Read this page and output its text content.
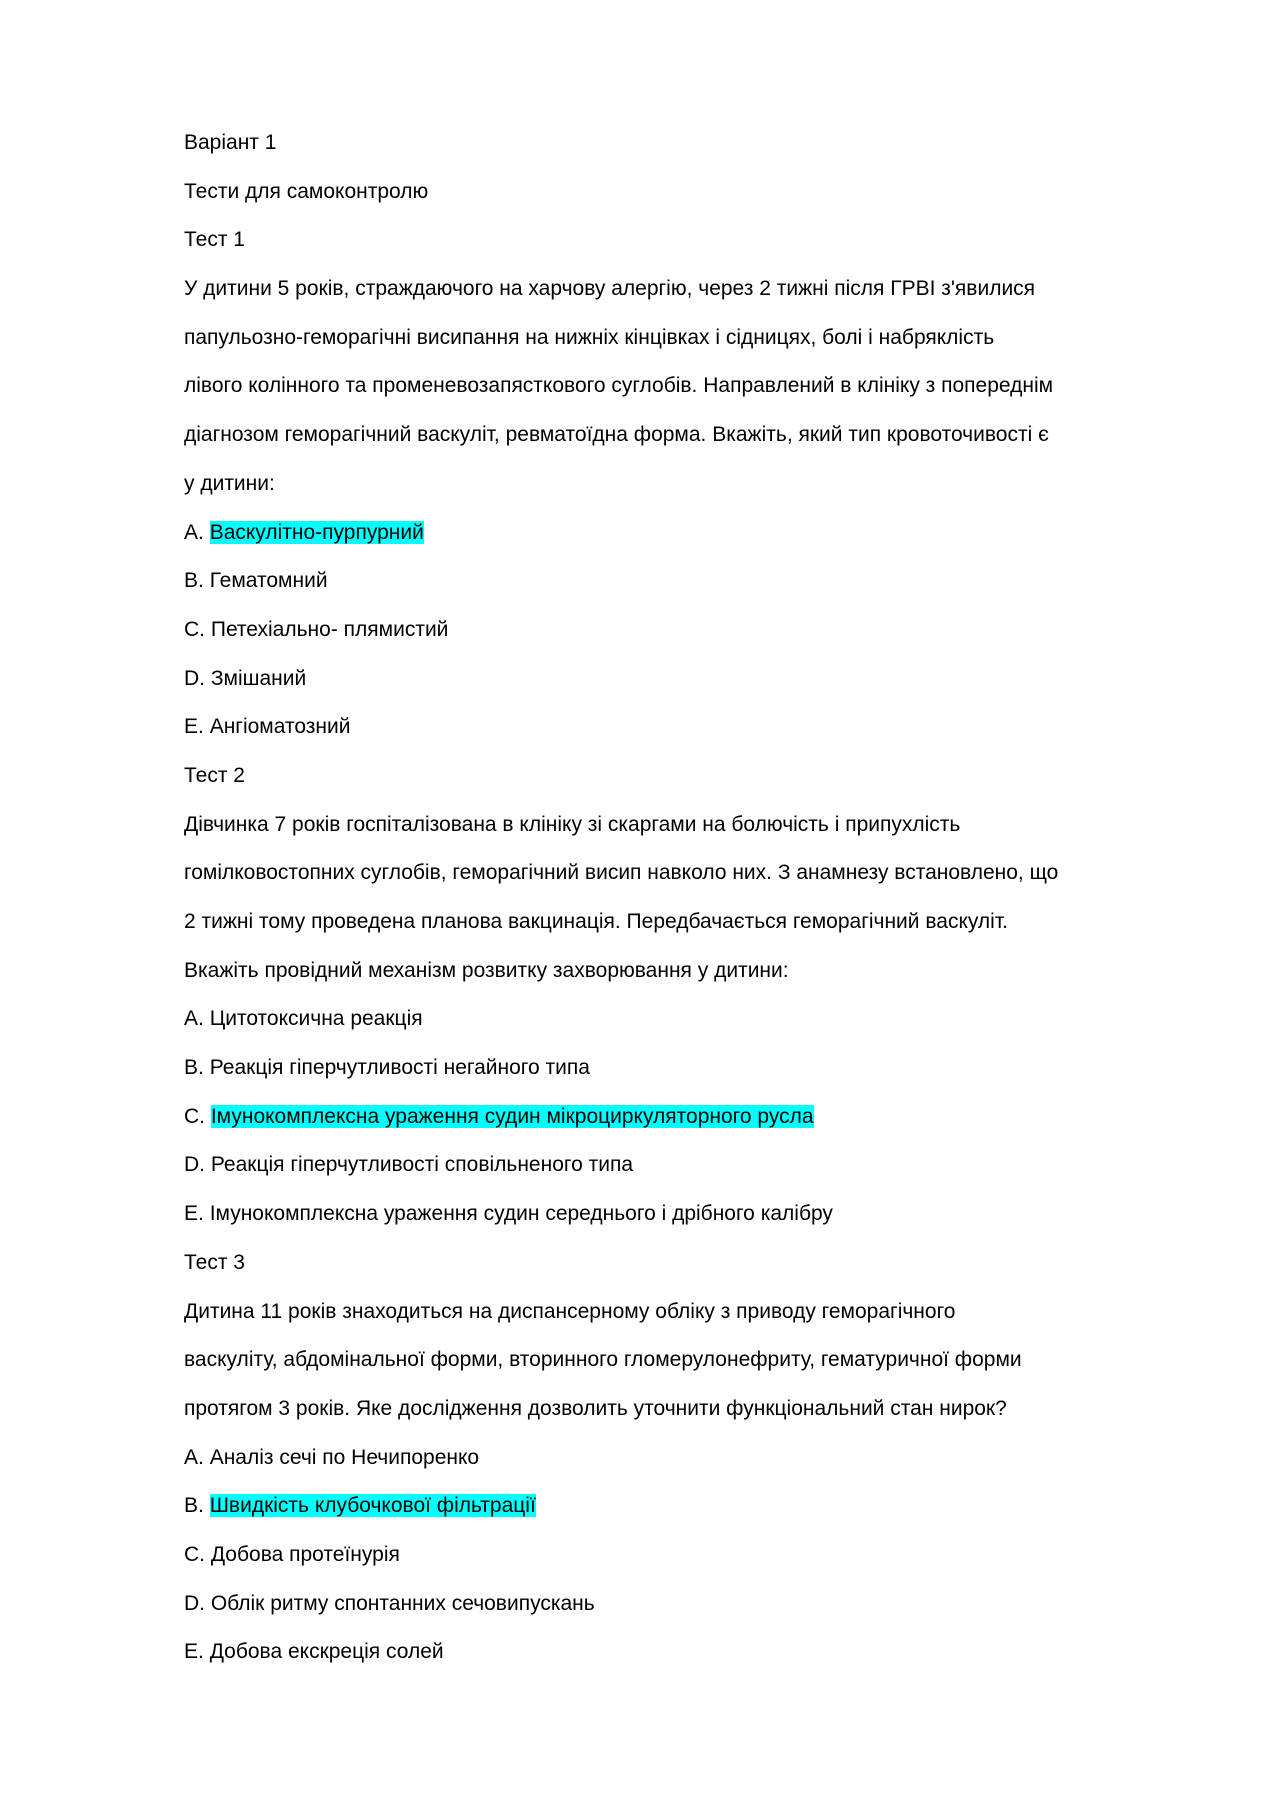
Варіант 1
Тести для самоконтролю
Тест 1
У дитини 5 років, страждаючого на харчову алергію, через 2 тижні після ГРВІ з'явилися
папульозно-геморагічні висипання на нижніх кінцівках і сідницях, болі і набряклість
лівого колінного та променевозапясткового суглобів. Направлений в клініку з попереднім
діагнозом геморагічний васкуліт, ревматоїдна форма. Вкажіть, який тип кровоточивості є
у дитини:
A. Васкулітно-пурпурний
B. Гематомний
C. Петехіально- плямистий
D. Змішаний
E. Ангіоматозний
Тест 2
Дівчинка 7 років госпіталізована в клініку зі скаргами на болючість і припухлість
гомілковостопних суглобів, геморагічний висип навколо них. З анамнезу встановлено, що
2 тижні тому проведена планова вакцинація. Передбачається геморагічний васкуліт.
Вкажіть провідний механізм розвитку захворювання у дитини:
A. Цитотоксична реакція
B. Реакція гіперчутливості негайного типа
C. Імунокомплексна ураження судин мікроциркуляторного русла
D. Реакція гіперчутливості сповільненого типа
E. Імунокомплексна ураження судин середнього і дрібного калібру
Тест 3
Дитина 11 років знаходиться на диспансерному обліку з приводу геморагічного
васкуліту, абдомінальної форми, вторинного гломерулонефриту, гематуричної форми
протягом 3 років. Яке дослідження дозволить уточнити функціональний стан нирок?
A. Аналіз сечі по Нечипоренко
B. Швидкість клубочкової фільтрації
C. Добова протеїнурія
D. Облік ритму спонтанних сечовипускань
E. Добова екскреція солей
